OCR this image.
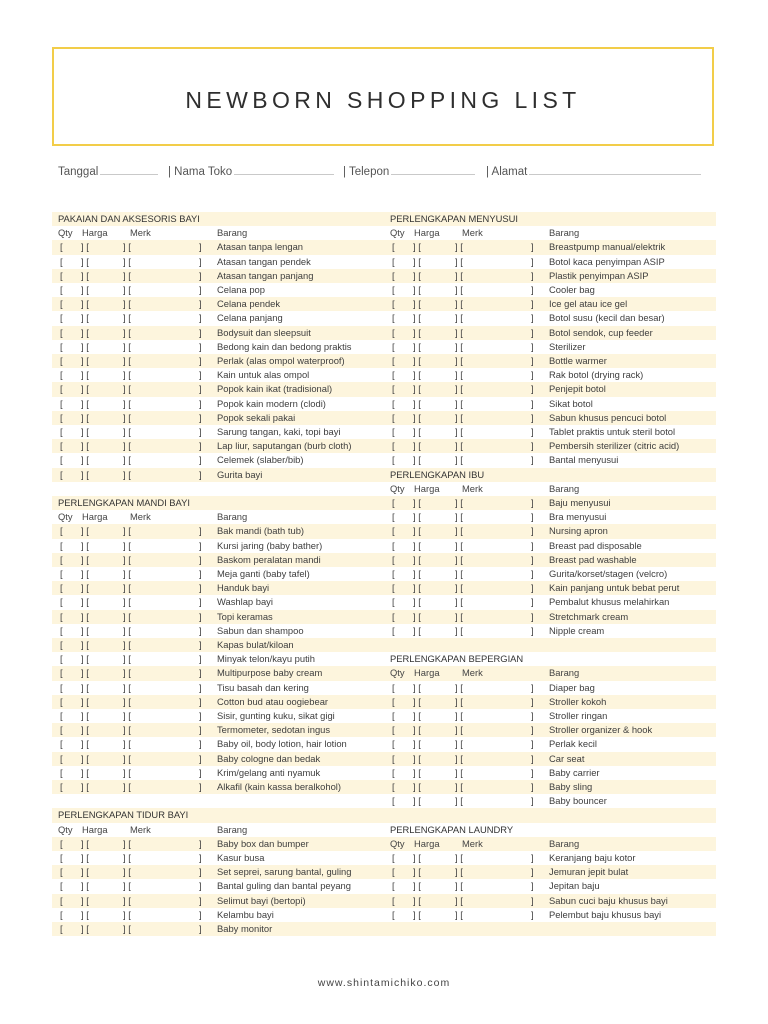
NEWBORN SHOPPING LIST
Tanggal	| Nama Toko	| Telepon	| Alamat
PAKAIAN DAN AKSESORIS BAYI
Qty Harga Merk	Barang
[ ] [	] [	] Atasan tanpa lengan
[ ] [	] [	] Atasan tangan pendek
[ ] [	] [	] Atasan tangan panjang
[ ] [	] [	] Celana pop
[ ] [	] [	] Celana pendek
[ ] [	] [	] Celana panjang
[ ] [	] [	] Bodysuit dan sleepsuit
[ ] [	] [	] Bedong kain dan bedong praktis
[ ] [	] [	] Perlak (alas ompol waterproof)
[ ] [	] [	] Kain untuk alas ompol
[ ] [	] [	] Popok kain ikat (tradisional)
[ ] [	] [	] Popok kain modern (clodi)
[ ] [	] [	] Popok sekali pakai
[ ] [	] [	] Sarung tangan, kaki, topi bayi
[ ] [	] [	] Lap liur, saputangan (burb cloth)
[ ] [	] [	] Celemek (slaber/bib)
[ ] [	] [	] Gurita bayi
PERLENGKAPAN MANDI BAYI
Qty Harga Merk	Barang
[ ] [	] [	] Bak mandi (bath tub)
[ ] [	] [	] Kursi jaring (baby bather)
[ ] [	] [	] Baskom peralatan mandi
[ ] [	] [	] Meja ganti (baby tafel)
[ ] [	] [	] Handuk bayi
[ ] [	] [	] Washlap bayi
[ ] [	] [	] Topi keramas
[ ] [	] [	] Sabun dan shampoo
[ ] [	] [	] Kapas bulat/kiloan
[ ] [	] [	] Minyak telon/kayu putih
[ ] [	] [	] Multipurpose baby cream
[ ] [	] [	] Tisu basah dan kering
[ ] [	] [	] Cotton bud atau oogiebear
[ ] [	] [	] Sisir, gunting kuku, sikat gigi
[ ] [	] [	] Termometer, sedotan ingus
[ ] [	] [	] Baby oil, body lotion, hair lotion
[ ] [	] [	] Baby cologne dan bedak
[ ] [	] [	] Krim/gelang anti nyamuk
[ ] [	] [	] Alkafil (kain kassa beralkohol)
PERLENGKAPAN TIDUR BAYI
Qty Harga Merk	Barang
[ ] [	] [	] Baby box dan bumper
[ ] [	] [	] Kasur busa
[ ] [	] [	] Set seprei, sarung bantal, guling
[ ] [	] [	] Bantal guling dan bantal peyang
[ ] [	] [	] Selimut bayi (bertopi)
[ ] [	] [	] Kelambu bayi
[ ] [	] [	] Baby monitor
PERLENGKAPAN MENYUSUI
Qty Harga Merk	Barang
[ ] [	] [	] Breastpump manual/elektrik
[ ] [	] [	] Botol kaca penyimpan ASIP
[ ] [	] [	] Plastik penyimpan ASIP
[ ] [	] [	] Cooler bag
[ ] [	] [	] Ice gel atau ice gel
[ ] [	] [	] Botol susu (kecil dan besar)
[ ] [	] [	] Botol sendok, cup feeder
[ ] [	] [	] Sterilizer
[ ] [	] [	] Bottle warmer
[ ] [	] [	] Rak botol (drying rack)
[ ] [	] [	] Penjepit botol
[ ] [	] [	] Sikat botol
[ ] [	] [	] Sabun khusus pencuci botol
[ ] [	] [	] Tablet praktis untuk steril botol
[ ] [	] [	] Pembersih sterilizer (citric acid)
[ ] [	] [	] Bantal menyusui
PERLENGKAPAN IBU
Qty Harga Merk	Barang
[ ] [	] [	] Baju menyusui
[ ] [	] [	] Bra menyusui
[ ] [	] [	] Nursing apron
[ ] [	] [	] Breast pad disposable
[ ] [	] [	] Breast pad washable
[ ] [	] [	] Gurita/korset/stagen (velcro)
[ ] [	] [	] Kain panjang untuk bebat perut
[ ] [	] [	] Pembalut khusus melahirkan
[ ] [	] [	] Stretchmark cream
[ ] [	] [	] Nipple cream
PERLENGKAPAN BEPERGIAN
Qty Harga Merk	Barang
[ ] [	] [	] Diaper bag
[ ] [	] [	] Stroller kokoh
[ ] [	] [	] Stroller ringan
[ ] [	] [	] Stroller organizer & hook
[ ] [	] [	] Perlak kecil
[ ] [	] [	] Car seat
[ ] [	] [	] Baby carrier
[ ] [	] [	] Baby sling
[ ] [	] [	] Baby bouncer
PERLENGKAPAN LAUNDRY
Qty Harga Merk	Barang
[ ] [	] [	] Keranjang baju kotor
[ ] [	] [	] Jemuran jepit bulat
[ ] [	] [	] Jepitan baju
[ ] [	] [	] Sabun cuci baju khusus bayi
[ ] [	] [	] Pelembut baju khusus bayi
www.shintamichiko.com
